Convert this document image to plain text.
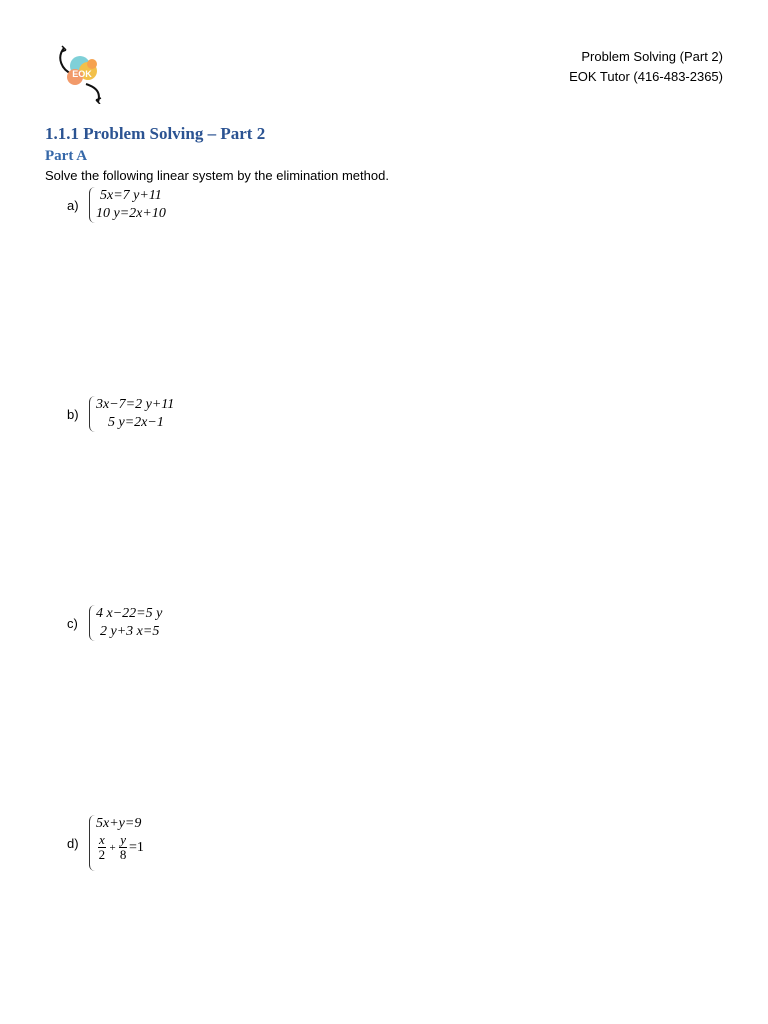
EOK
Problem Solving (Part 2)
EOK Tutor (416-483-2365)
1.1.1 Problem Solving – Part 2
Part A

Solve the following linear system by the elimination method.

a)
5x=7 y+11
10 y=2x+10
b)
3x−7=2 y+11
5 y=2x−1
c)
4 x−22=5 y
2 y+3 x=5
d)
5x+y=9
$\frac{x}{2} + \frac{y}{8} =1$
